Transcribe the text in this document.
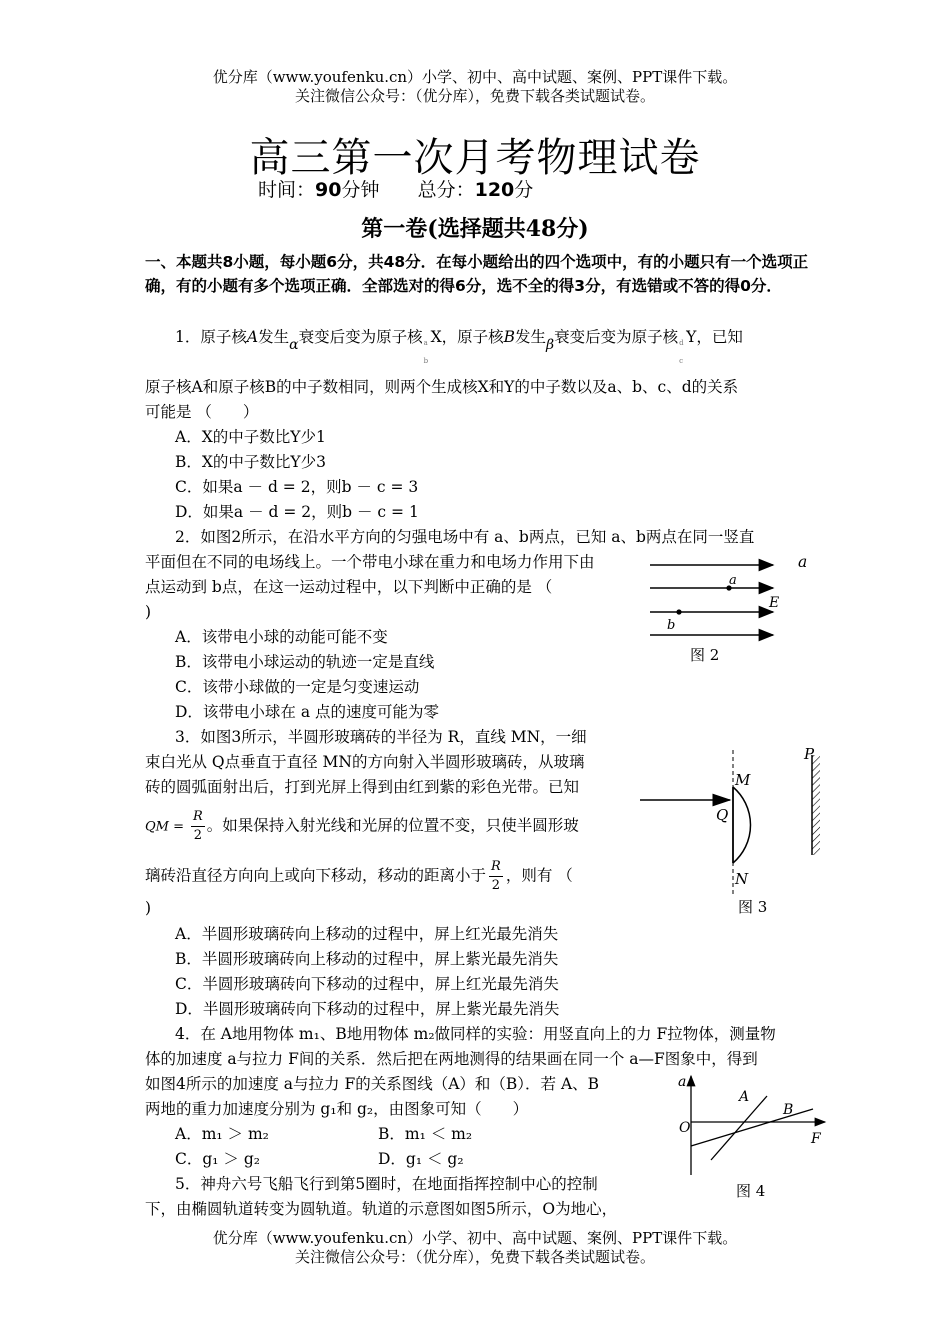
优分库（www.youfenku.cn）小学、初中、高中试题、案例、PPT课件下载。
关注微信公众号：（优分库），免费下载各类试题试卷。
高三第一次月考物理试卷
时间：90分钟 总分：120分
第一卷(选择题共48分)
一、本题共8小题，每小题6分，共48分．在每小题给出的四个选项中，有的小题只有一个选项正确，有的小题有多个选项正确．全部选对的得6分，选不全的得3分，有选错或不答的得0分．
1．原子核A发生α衰变后变为原子核 a
b
X，原子核B发生β衰变后变为原子核 d
c
Y，已知
原子核A和原子核B的中子数相同，则两个生成核X和Y的中子数以及a、b、c、d的关系
可能是 （　　）
A．X的中子数比Y少1
B．X的中子数比Y少3
C．如果a － d = 2，则b － c = 3
D．如果a － d = 2，则b － c = 1
2．如图2所示，在沿水平方向的匀强电场中有 a、b两点，已知 a、b两点在同一竖直
平面但在不同的电场线上。一个带电小球在重力和电场力作用下由	a
点运动到 b点，在这一运动过程中，以下判断中正确的是 （
)
A．该带电小球的动能可能不变
B．该带电小球运动的轨迹一定是直线
C．该带小球做的一定是匀变速运动
D．该带电小球在 a 点的速度可能为零
a
b
E
图 2
3．如图3所示，半圆形玻璃砖的半径为 R，直线 MN，一细
束白光从 Q点垂直于直径 MN的方向射入半圆形玻璃砖，从玻璃
砖的圆弧面射出后，打到光屏上得到由红到紫的彩色光带。已知
QM = $\frac{R}{2}$ 。如果保持入射光线和光屏的位置不变，只使半圆形玻
璃砖沿直径方向向上或向下移动，移动的距离小于 $\frac{R}{2}$ ，则有 （
)
A．半圆形玻璃砖向上移动的过程中，屏上红光最先消失
B．半圆形玻璃砖向上移动的过程中，屏上紫光最先消失
C．半圆形玻璃砖向下移动的过程中，屏上红光最先消失
D．半圆形玻璃砖向下移动的过程中，屏上紫光最先消失
M
Q
N
P
图 3
4．在 A地用物体 m₁、B地用物体 m₂做同样的实验：用竖直向上的力 F拉物体，测量物
体的加速度 a与拉力 F间的关系．然后把在两地测得的结果画在同一个 a—F图象中，得到
如图4所示的加速度 a与拉力 F的关系图线（A）和（B）．若 A、B
两地的重力加速度分别为 g₁和 g₂，由图象可知（　　）
A．m₁ ＞ m₂	B．m₁ ＜ m₂
C．g₁ ＞ g₂	D．g₁ ＜ g₂
a
A
B
O
F
图 4
5．神舟六号飞船飞行到第5圈时，在地面指挥控制中心的控制
下，由椭圆轨道转变为圆轨道。轨道的示意图如图5所示，O为地心，
优分库（www.youfenku.cn）小学、初中、高中试题、案例、PPT课件下载。
关注微信公众号：（优分库），免费下载各类试题试卷。
